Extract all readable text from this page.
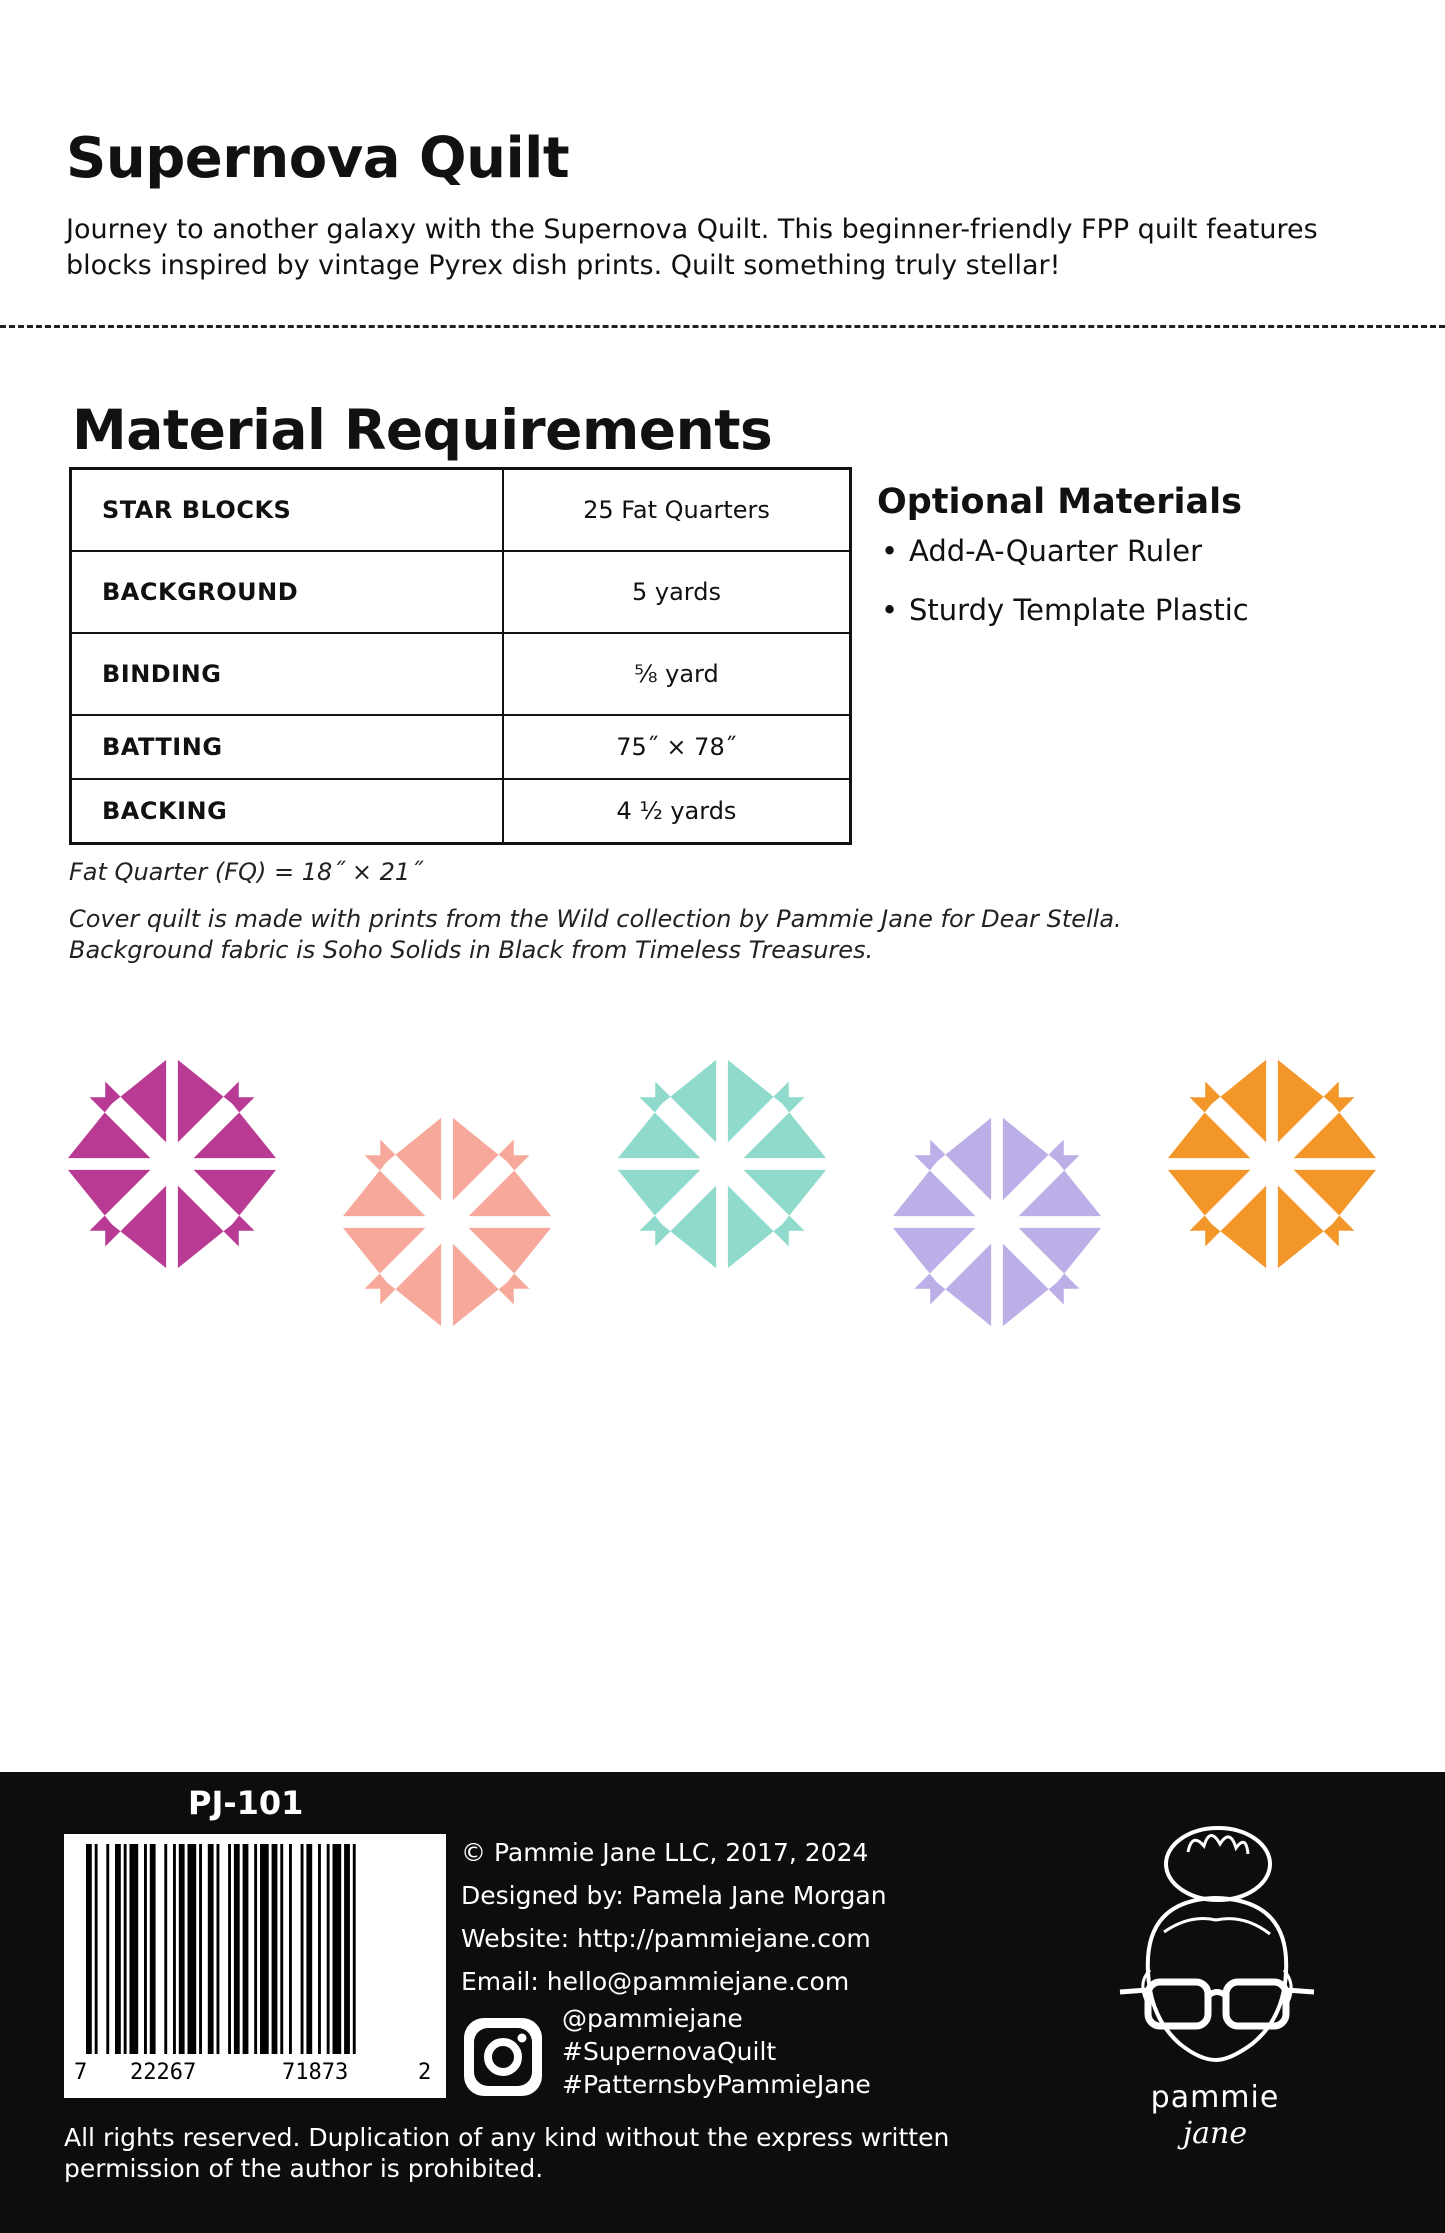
Supernova Quilt

Journey to another galaxy with the Supernova Quilt. This beginner-friendly FPP quilt features blocks inspired by vintage Pyrex dish prints. Quilt something truly stellar!

Material Requirements
STAR BLOCKS	25 Fat Quarters
BACKGROUND	5 yards
BINDING	⅝ yard
BATTING	75˝ × 78˝
BACKING	4 ½ yards
Optional Materials
• Add-A-Quarter Ruler
• Sturdy Template Plastic

Fat Quarter (FQ) = 18˝ × 21˝

Cover quilt is made with prints from the Wild collection by Pammie Jane for Dear Stella. Background fabric is Soho Solids in Black from Timeless Treasures.

PJ-101

7 22267	71873	2
© Pammie Jane LLC, 2017, 2024
Designed by: Pamela Jane Morgan
Website: http://pammiejane.com
Email: hello@pammiejane.com
@pammiejane
#SupernovaQuilt
#PatternsbyPammieJane

All rights reserved. Duplication of any kind without the express written permission of the author is prohibited.

pammie
jane
